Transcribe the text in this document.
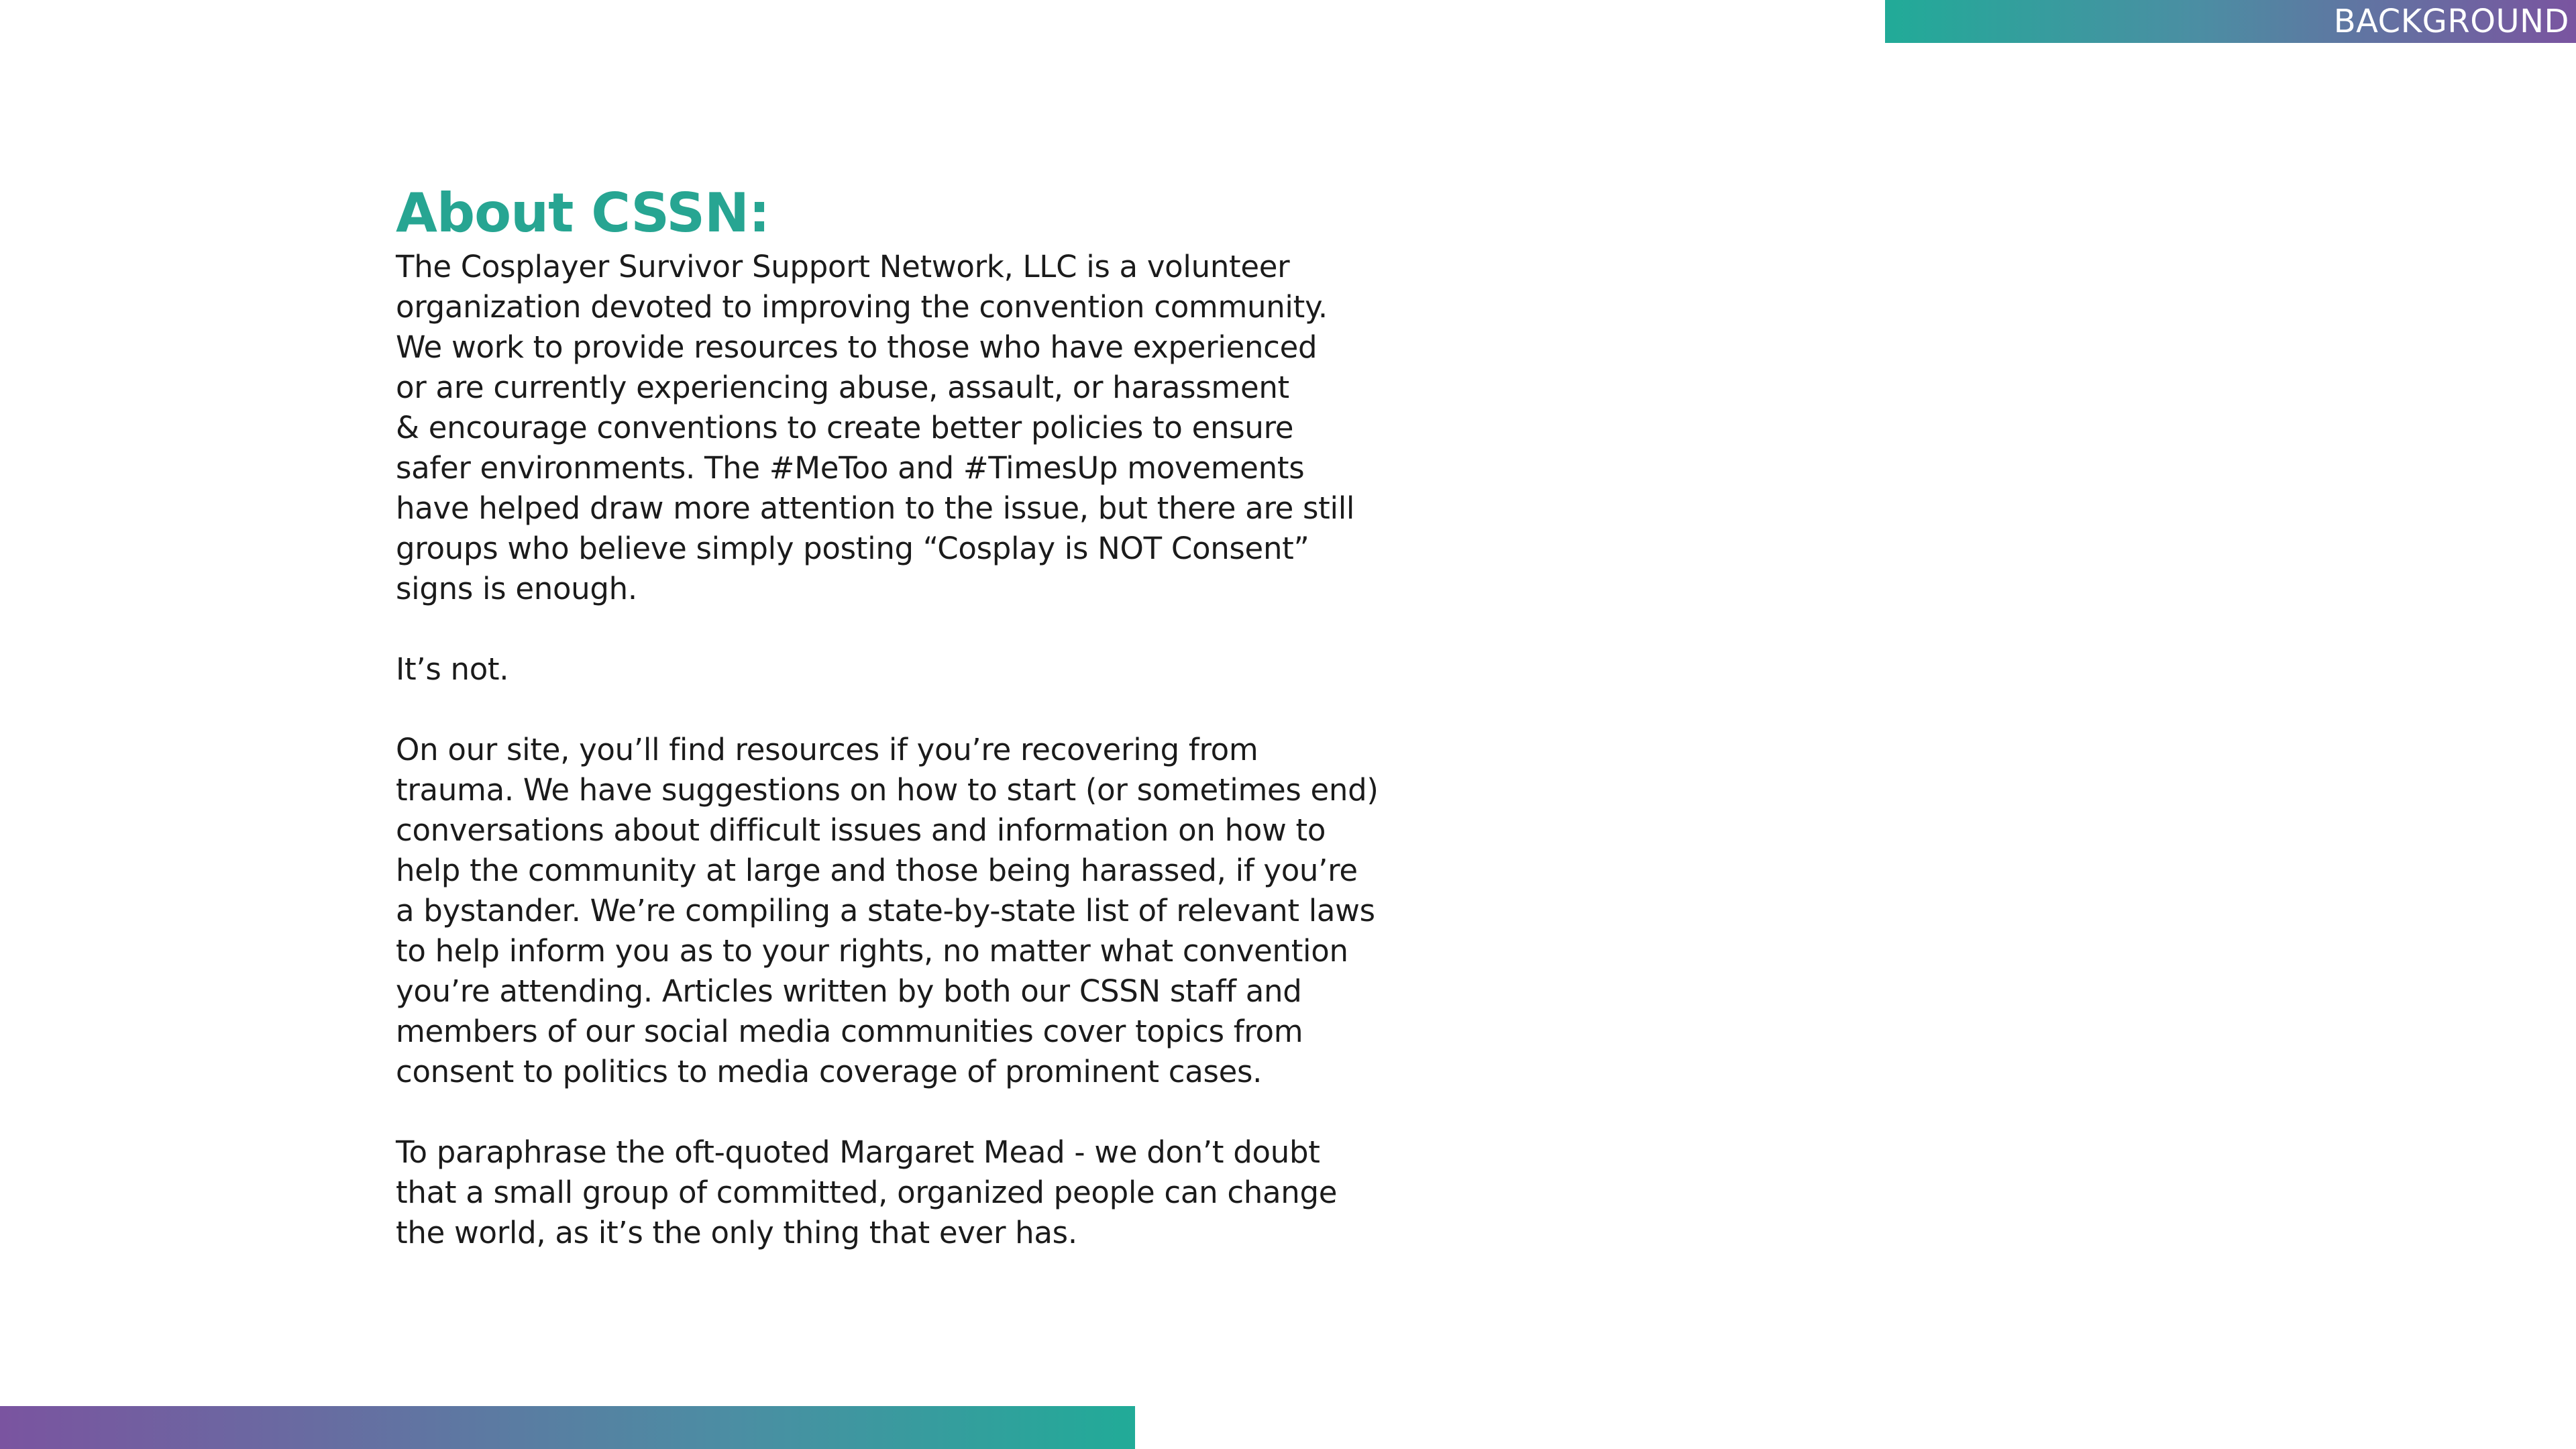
BACKGROUND
About CSSN:

The Cosplayer Survivor Support Network, LLC is a volunteer
organization devoted to improving the convention community.
We work to provide resources to those who have experienced
or are currently experiencing abuse, assault, or harassment
& encourage conventions to create better policies to ensure
safer environments. The #MeToo and #TimesUp movements
have helped draw more attention to the issue, but there are still
groups who believe simply posting “Cosplay is NOT Consent”
signs is enough.

It’s not.

On our site, you’ll find resources if you’re recovering from
trauma. We have suggestions on how to start (or sometimes end)
conversations about difficult issues and information on how to
help the community at large and those being harassed, if you’re
a bystander. We’re compiling a state-by-state list of relevant laws
to help inform you as to your rights, no matter what convention
you’re attending. Articles written by both our CSSN staff and
members of our social media communities cover topics from
consent to politics to media coverage of prominent cases.

To paraphrase the oft-quoted Margaret Mead - we don’t doubt
that a small group of committed, organized people can change
the world, as it’s the only thing that ever has.
